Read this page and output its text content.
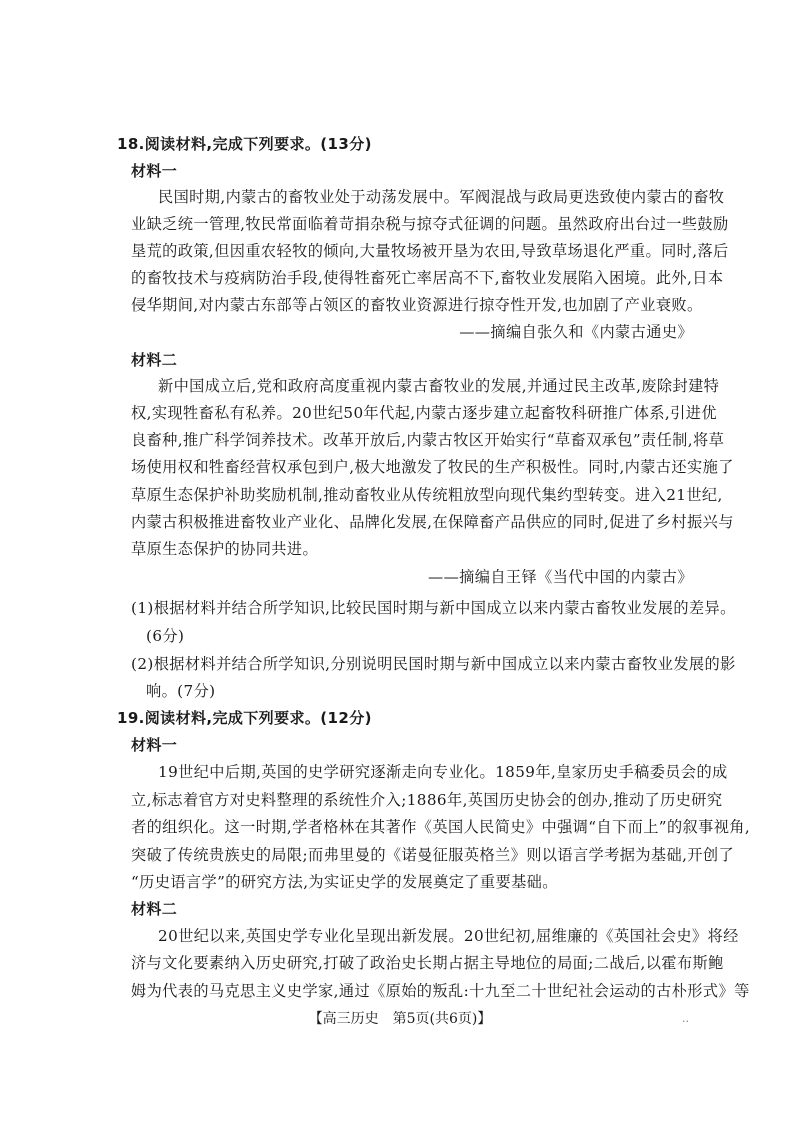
18.阅读材料,完成下列要求。(13分)
材料一
民国时期,内蒙古的畜牧业处于动荡发展中。军阀混战与政局更迭致使内蒙古的畜牧
业缺乏统一管理,牧民常面临着苛捐杂税与掠夺式征调的问题。虽然政府出台过一些鼓励
垦荒的政策,但因重农轻牧的倾向,大量牧场被开垦为农田,导致草场退化严重。同时,落后
的畜牧技术与疫病防治手段,使得牲畜死亡率居高不下,畜牧业发展陷入困境。此外,日本
侵华期间,对内蒙古东部等占领区的畜牧业资源进行掠夺性开发,也加剧了产业衰败。
——摘编自张久和《内蒙古通史》
材料二
新中国成立后,党和政府高度重视内蒙古畜牧业的发展,并通过民主改革,废除封建特
权,实现牲畜私有私养。20世纪50年代起,内蒙古逐步建立起畜牧科研推广体系,引进优
良畜种,推广科学饲养技术。改革开放后,内蒙古牧区开始实行“草畜双承包”责任制,将草
场使用权和牲畜经营权承包到户,极大地激发了牧民的生产积极性。同时,内蒙古还实施了
草原生态保护补助奖励机制,推动畜牧业从传统粗放型向现代集约型转变。进入21世纪,
内蒙古积极推进畜牧业产业化、品牌化发展,在保障畜产品供应的同时,促进了乡村振兴与
草原生态保护的协同共进。
——摘编自王铎《当代中国的内蒙古》
(1)根据材料并结合所学知识,比较民国时期与新中国成立以来内蒙古畜牧业发展的差异。
(6分)
(2)根据材料并结合所学知识,分别说明民国时期与新中国成立以来内蒙古畜牧业发展的影
响。(7分)
19.阅读材料,完成下列要求。(12分)
材料一
19世纪中后期,英国的史学研究逐渐走向专业化。1859年,皇家历史手稿委员会的成
立,标志着官方对史料整理的系统性介入;1886年,英国历史协会的创办,推动了历史研究
者的组织化。这一时期,学者格林在其著作《英国人民简史》中强调“自下而上”的叙事视角,
突破了传统贵族史的局限;而弗里曼的《诺曼征服英格兰》则以语言学考据为基础,开创了
“历史语言学”的研究方法,为实证史学的发展奠定了重要基础。
材料二
20世纪以来,英国史学专业化呈现出新发展。20世纪初,屈维廉的《英国社会史》将经
济与文化要素纳入历史研究,打破了政治史长期占据主导地位的局面;二战后,以霍布斯鲍
姆为代表的马克思主义史学家,通过《原始的叛乱:十九至二十世纪社会运动的古朴形式》等
【高三历史　第5页(共6页)】	..
